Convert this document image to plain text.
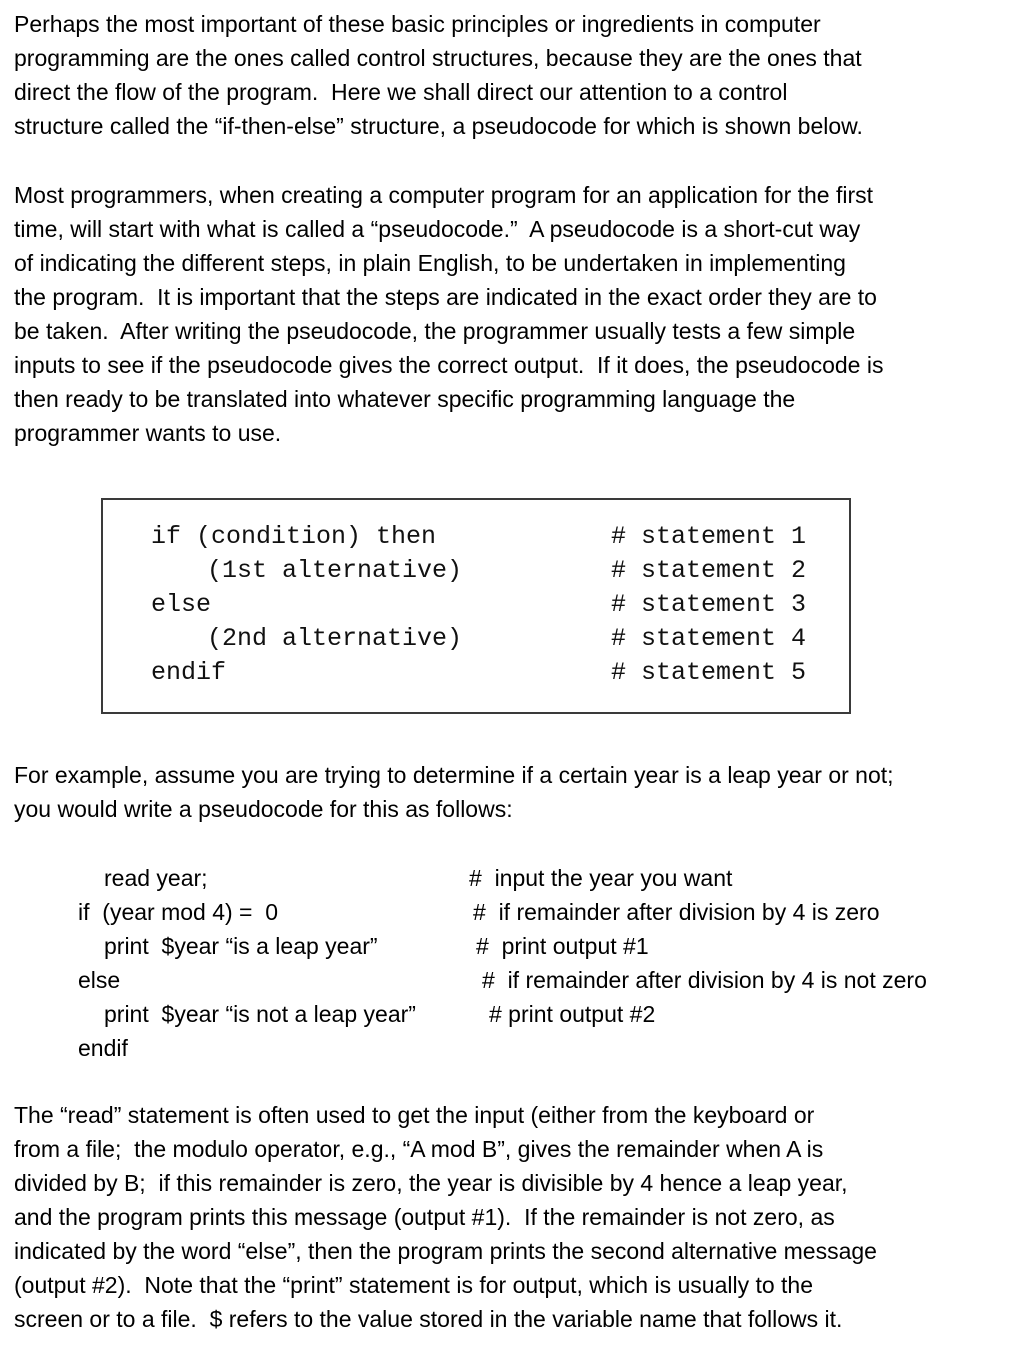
Perhaps the most important of these basic principles or ingredients in computer
programming are the ones called control structures, because they are the ones that
direct the flow of the program.  Here we shall direct our attention to a control
structure called the “if-then-else” structure, a pseudocode for which is shown below.

Most programmers, when creating a computer program for an application for the first
time, will start with what is called a “pseudocode.”  A pseudocode is a short-cut way
of indicating the different steps, in plain English, to be undertaken in implementing
the program.  It is important that the steps are indicated in the exact order they are to
be taken.  After writing the pseudocode, the programmer usually tests a few simple
inputs to see if the pseudocode gives the correct output.  If it does, the pseudocode is
then ready to be translated into whatever specific programming language the
programmer wants to use.

if (condition) then	# statement 1
(1st alternative)	# statement 2
else	# statement 3
(2nd alternative)	# statement 4
endif	# statement 5

For example, assume you are trying to determine if a certain year is a leap year or not;
you would write a pseudocode for this as follows:

read year;	#  input the year you want
if  (year mod 4) =  0	#  if remainder after division by 4 is zero
print  $year “is a leap year”	#  print output #1
else	#  if remainder after division by 4 is not zero
print  $year “is not a leap year”	# print output #2
endif

The “read” statement is often used to get the input (either from the keyboard or
from a file;  the modulo operator, e.g., “A mod B”, gives the remainder when A is
divided by B;  if this remainder is zero, the year is divisible by 4 hence a leap year,
and the program prints this message (output #1).  If the remainder is not zero, as
indicated by the word “else”, then the program prints the second alternative message
(output #2).  Note that the “print” statement is for output, which is usually to the
screen or to a file.  $ refers to the value stored in the variable name that follows it.
